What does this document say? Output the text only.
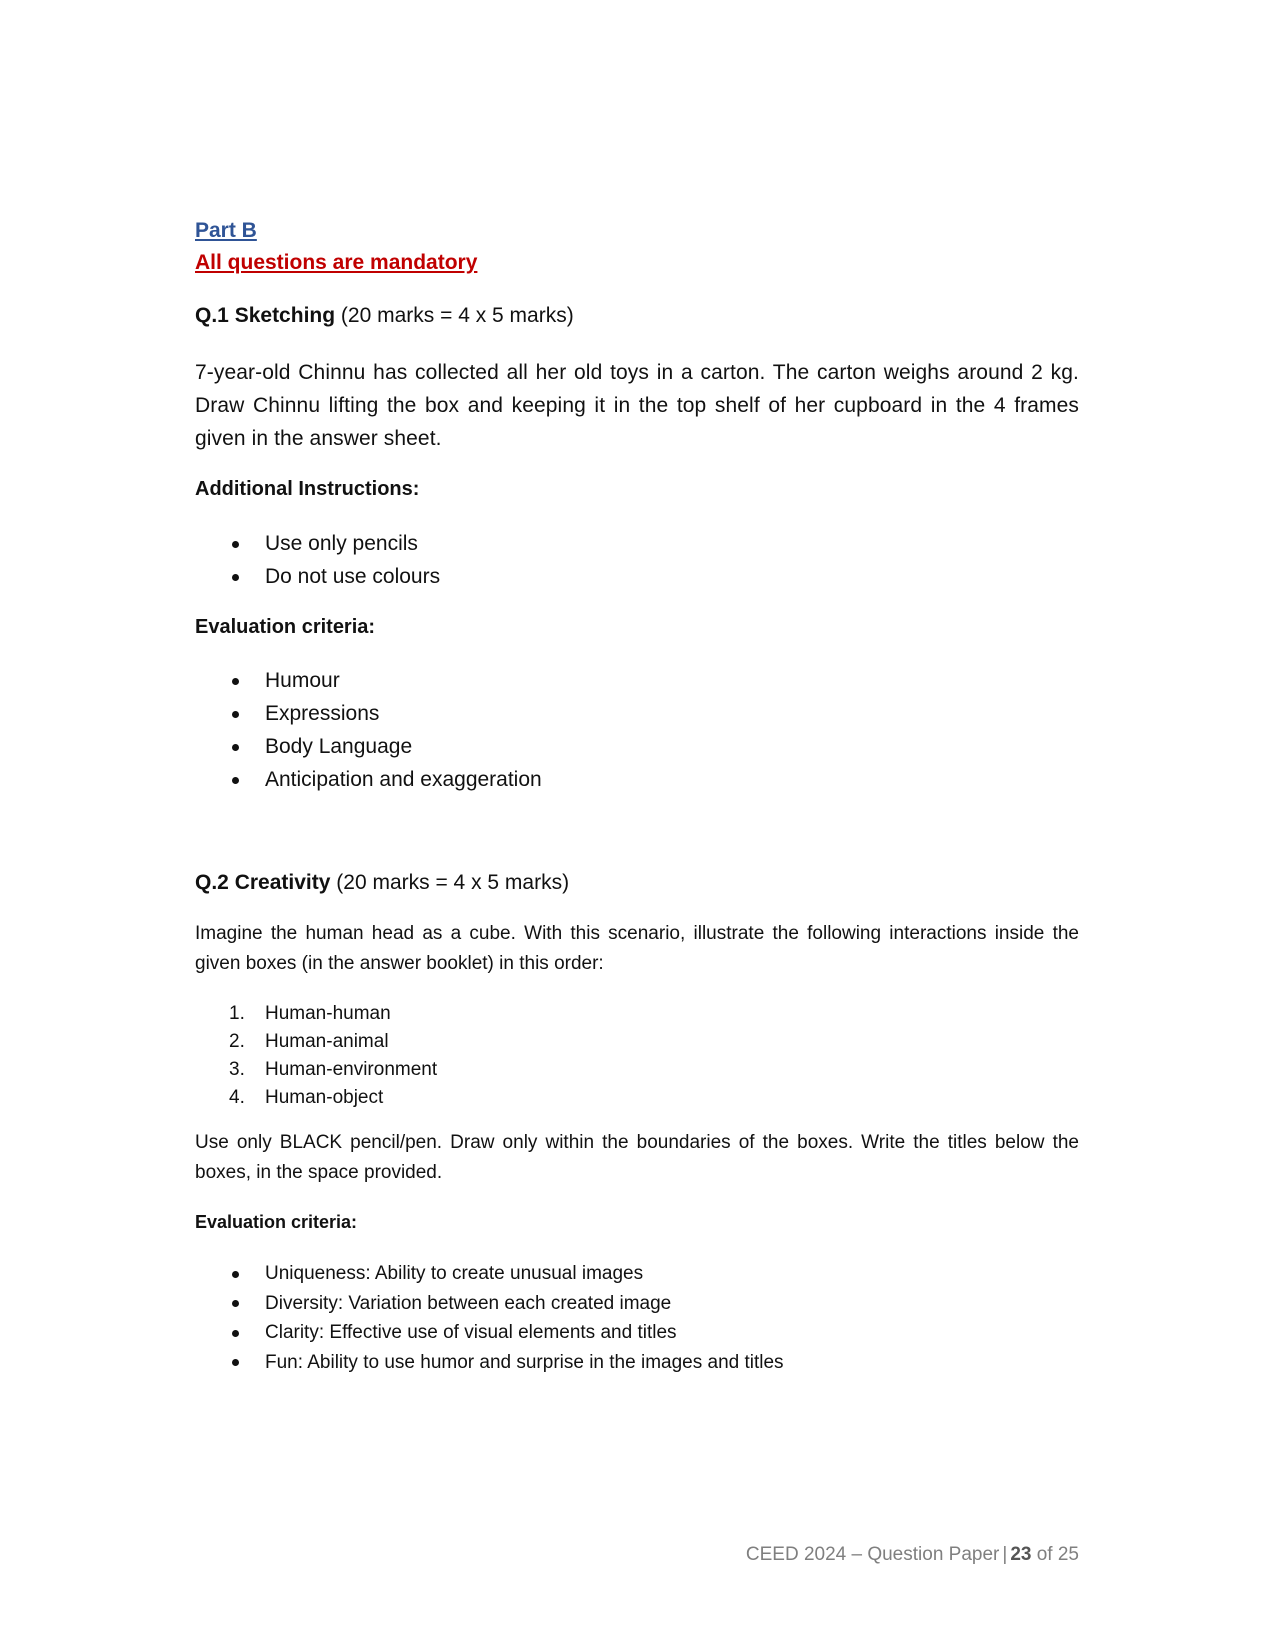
Part B
All questions are mandatory
Q.1 Sketching (20 marks = 4 x 5 marks)

7-year-old Chinnu has collected all her old toys in a carton. The carton weighs around 2 kg. Draw Chinnu lifting the box and keeping it in the top shelf of her cupboard in the 4 frames given in the answer sheet.

Additional Instructions:
Use only pencils
Do not use colours
Evaluation criteria:
Humour
Expressions
Body Language
Anticipation and exaggeration
Q.2 Creativity (20 marks = 4 x 5 marks)

Imagine the human head as a cube. With this scenario, illustrate the following interactions inside the given boxes (in the answer booklet) in this order:

1. Human-human
2. Human-animal
3. Human-environment
4. Human-object

Use only BLACK pencil/pen. Draw only within the boundaries of the boxes. Write the titles below the boxes, in the space provided.

Evaluation criteria:
Uniqueness: Ability to create unusual images
Diversity: Variation between each created image
Clarity: Effective use of visual elements and titles
Fun: Ability to use humor and surprise in the images and titles
CEED 2024 – Question Paper | 23 of 25
